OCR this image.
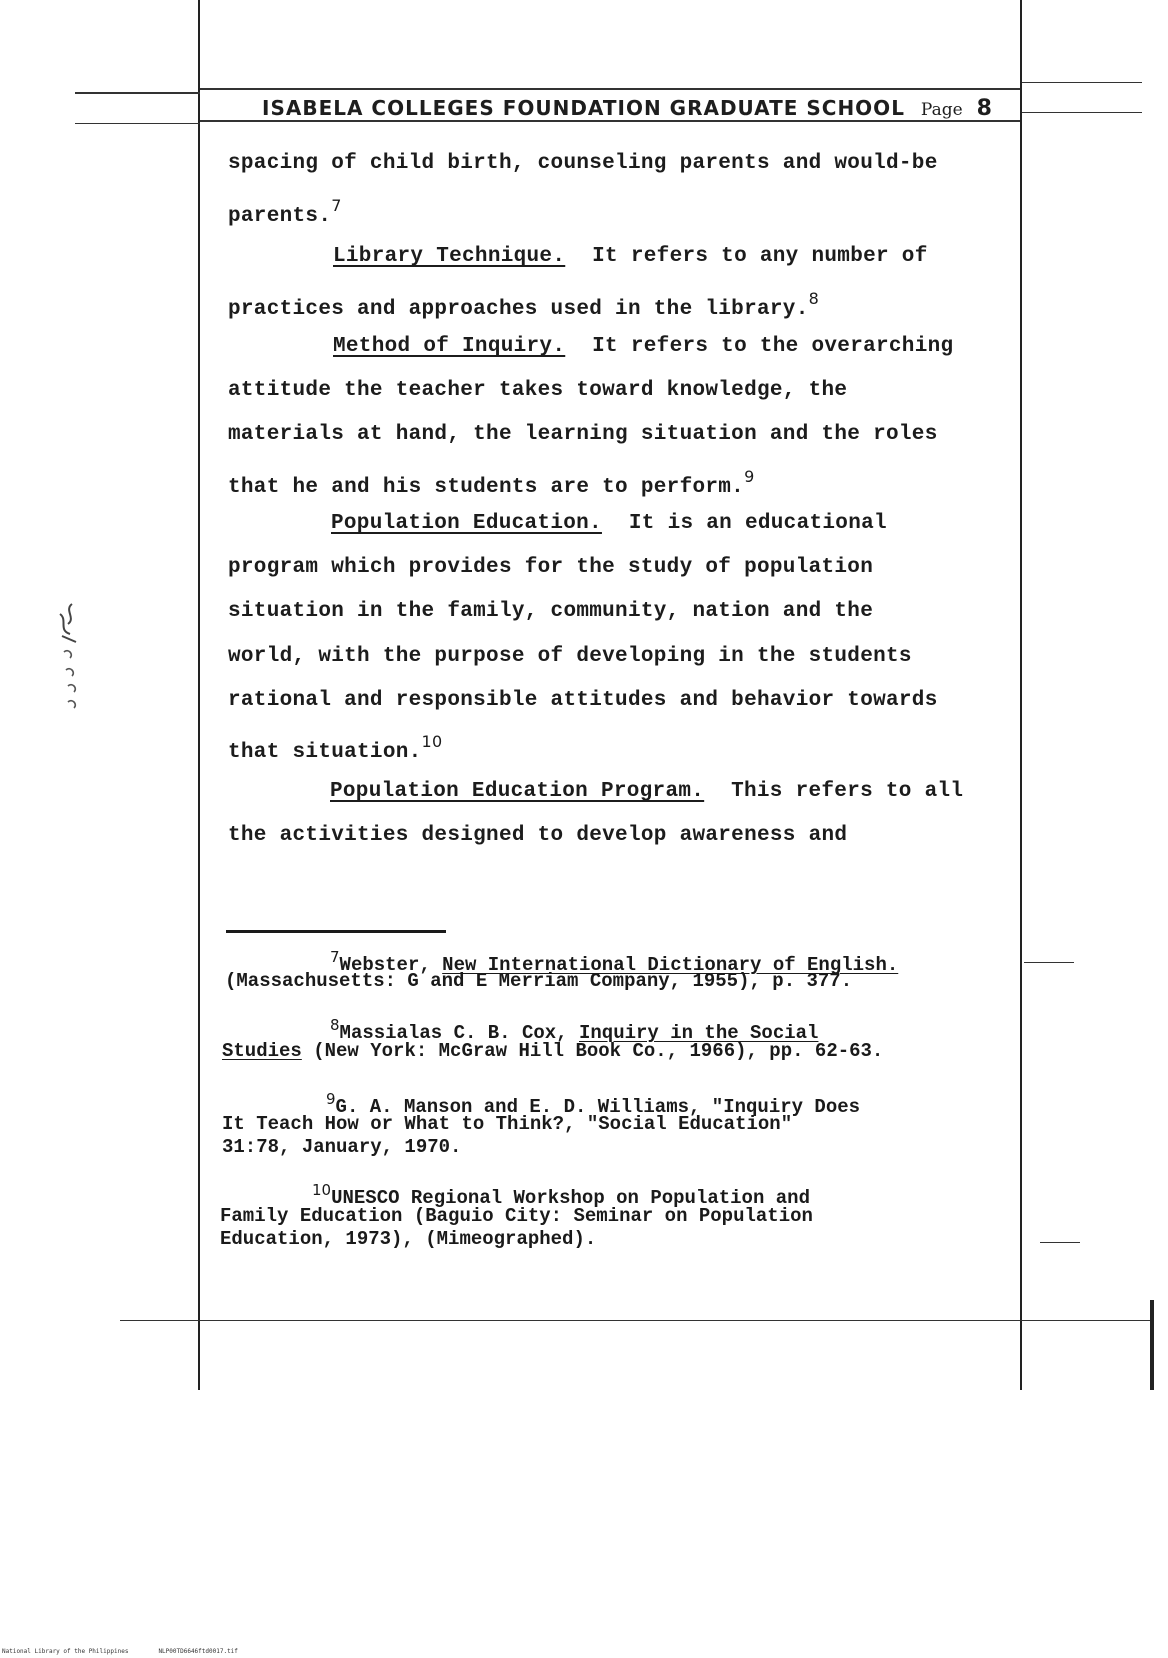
ISABELA COLLEGES FOUNDATION GRADUATE SCHOOL Page 8
spacing of child birth, counseling parents and would-be
parents.$^7$
Library Technique. It refers to any number of
practices and approaches used in the library.$^8$
Method of Inquiry. It refers to the overarching
attitude the teacher takes toward knowledge, the
materials at hand, the learning situation and the roles
that he and his students are to perform.$^9$
Population Education. It is an educational
program which provides for the study of population
situation in the family, community, nation and the
world, with the purpose of developing in the students
rational and responsible attitudes and behavior towards
that situation.$^{10}$
Population Education Program. This refers to all
the activities designed to develop awareness and
$^7$Webster, New International Dictionary of English.
(Massachusetts: G and E Merriam Company, 1955), p. 377.
$^8$Massialas C. B. Cox, Inquiry in the Social
Studies (New York: McGraw Hill Book Co., 1966), pp. 62-63.
$^9$G. A. Manson and E. D. Williams, "Inquiry Does
It Teach How or What to Think?, "Social Education"
31:78, January, 1970.
$^{10}$UNESCO Regional Workshop on Population and
Family Education (Baguio City: Seminar on Population
Education, 1973), (Mimeographed).
National Library of the Philippines	NLP00TD6646ftd0017.tif
